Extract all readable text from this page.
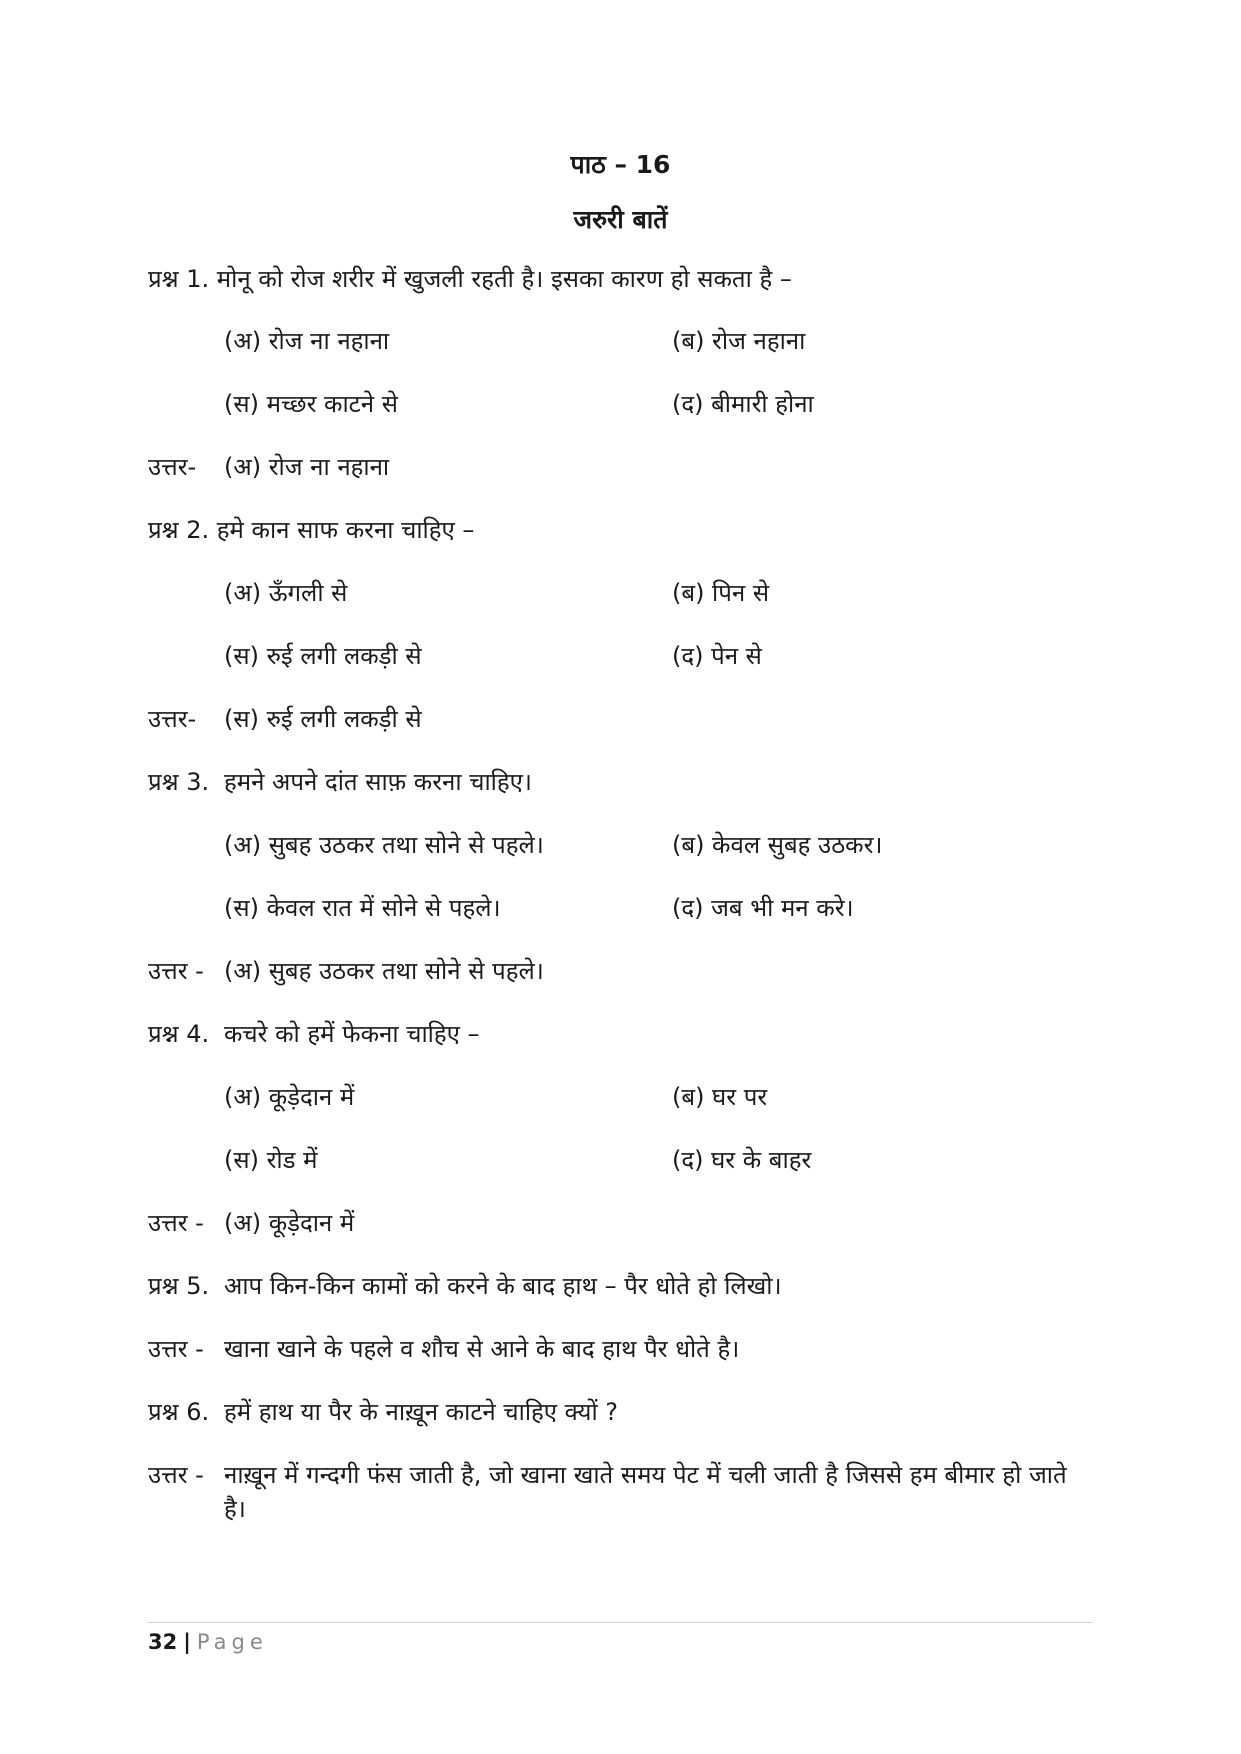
पाठ – 16
जरुरी बातें
प्रश्न 1. मोनू को रोज शरीर में खुजली रहती है। इसका कारण हो सकता है –
(अ) रोज ना नहाना	(ब) रोज नहाना
(स) मच्छर काटने से	(द) बीमारी होना
उत्तर- (अ) रोज ना नहाना
प्रश्न 2. हमे कान साफ करना चाहिए –
(अ) ऊँगली से	(ब) पिन से
(स) रुई लगी लकड़ी से	(द) पेन से
उत्तर- (स) रुई लगी लकड़ी से
प्रश्न 3. हमने अपने दांत साफ़ करना चाहिए।
(अ) सुबह उठकर तथा सोने से पहले।	(ब) केवल सुबह उठकर।
(स) केवल रात में सोने से पहले।	(द) जब भी मन करे।
उत्तर - (अ) सुबह उठकर तथा सोने से पहले।
प्रश्न 4. कचरे को हमें फेकना चाहिए –
(अ) कूड़ेदान में	(ब) घर पर
(स) रोड में	(द) घर के बाहर
उत्तर - (अ) कूड़ेदान में
प्रश्न 5. आप किन-किन कामों को करने के बाद हाथ – पैर धोते हो लिखो।
उत्तर - खाना खाने के पहले व शौच से आने के बाद हाथ पैर धोते है।
प्रश्न 6. हमें हाथ या पैर के नाख़ून काटने चाहिए क्यों ?
उत्तर - नाख़ून में गन्दगी फंस जाती है, जो खाना खाते समय पेट में चली जाती है जिससे हम बीमार हो जाते है।
32 | Page
